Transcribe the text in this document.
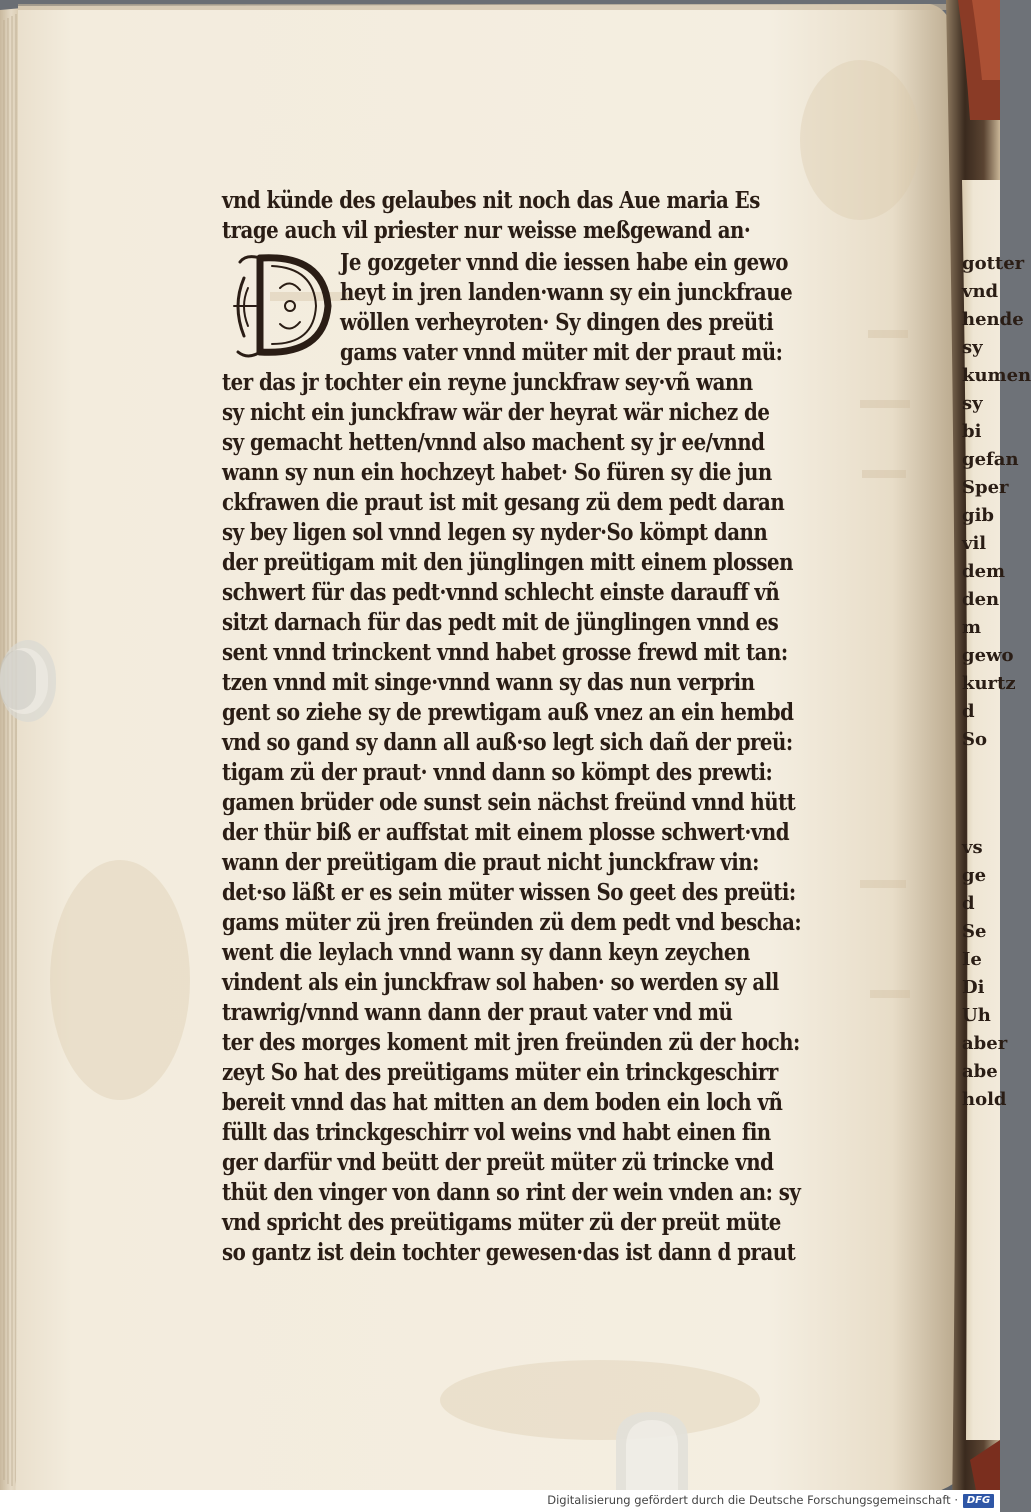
vnd künde des gelaubes nit noch das Aue maria Es
trage auch vil priester nur weisse meßgewand an·
Je gozgeter vnnd die iessen habe ein gewo
heyt in jren landen·wann sy ein junckfraue
wöllen verheyroten· Sy dingen des preüti
gams vater vnnd müter mit der praut mü:
ter das jr tochter ein reyne junckfraw sey·vñ wann
sy nicht ein junckfraw wär der heyrat wär nichez de
sy gemacht hetten/vnnd also machent sy jr ee/vnnd
wann sy nun ein hochzeyt habet· So füren sy die jun
ckfrawen die praut ist mit gesang zü dem pedt daran
sy bey ligen sol vnnd legen sy nyder·So kömpt dann
der preütigam mit den jünglingen mitt einem plossen
schwert für das pedt·vnnd schlecht einste darauff vñ
sitzt darnach für das pedt mit de jünglingen vnnd es
sent vnnd trinckent vnnd habet grosse frewd mit tan:
tzen vnnd mit singe·vnnd wann sy das nun verprin
gent so ziehe sy de prewtigam auß vnez an ein hembd
vnd so gand sy dann all auß·so legt sich dañ der preü:
tigam zü der praut· vnnd dann so kömpt des prewti:
gamen brüder ode sunst sein nächst freünd vnnd hütt
der thür biß er auffstat mit einem plosse schwert·vnd
wann der preütigam die praut nicht junckfraw vin:
det·so läßt er es sein müter wissen So geet des preüti:
gams müter zü jren freünden zü dem pedt vnd bescha:
went die leylach vnnd wann sy dann keyn zeychen
vindent als ein junckfraw sol haben· so werden sy all
trawrig/vnnd wann dann der praut vater vnd mü
ter des morges koment mit jren freünden zü der hoch:
zeyt So hat des preütigams müter ein trinckgeschirr
bereit vnnd das hat mitten an dem boden ein loch vñ
füllt das trinckgeschirr vol weins vnd habt einen fin
ger darfür vnd beütt der preüt müter zü trincke vnd
thüt den vinger von dann so rint der wein vnden an: sy
vnd spricht des preütigams müter zü der preüt müte
so gantz ist dein tochter gewesen·das ist dann d praut
gotter
vnd
hende
sy
kumen
sy bi
gefan
Sper
gib
vil
dem
den m
gewo
kurtz
d So
vs ge
d
Se
Ie
Di
Uh
aber
abe
hold
Digitalisierung gefördert durch die Deutsche Forschungsgemeinschaft · DFG
